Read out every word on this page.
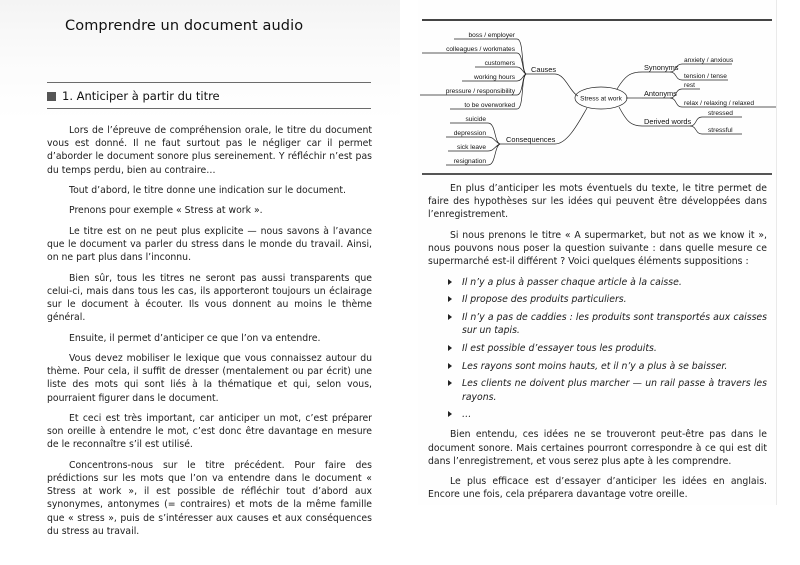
Comprendre un document audio
1. Anticiper à partir du titre

Lors de l’épreuve de compréhension orale, le titre du document vous est donné. Il ne faut surtout pas le négliger car il permet d’aborder le document sonore plus sereinement. Y réfléchir n’est pas du temps perdu, bien au contraire…

Tout d’abord, le titre donne une indication sur le document.

Prenons pour exemple « Stress at work ».

Le titre est on ne peut plus explicite — nous savons à l’avance que le document va parler du stress dans le monde du travail. Ainsi, on ne part plus dans l’inconnu.

Bien sûr, tous les titres ne seront pas aussi transparents que celui-ci, mais dans tous les cas, ils apporteront toujours un éclairage sur le document à écouter. Ils vous donnent au moins le thème général.

Ensuite, il permet d’anticiper ce que l’on va entendre.

Vous devez mobiliser le lexique que vous connaissez autour du thème. Pour cela, il suffit de dresser (mentalement ou par écrit) une liste des mots qui sont liés à la thématique et qui, selon vous, pourraient figurer dans le document.

Et ceci est très important, car anticiper un mot, c’est préparer son oreille à entendre le mot, c’est donc être davantage en mesure de le reconnaître s’il est utilisé.

Concentrons-nous sur le titre précédent. Pour faire des prédictions sur les mots que l’on va entendre dans le document « Stress at work », il est possible de réfléchir tout d’abord aux synonymes, antonymes (= contraires) et mots de la même famille que « stress », puis de s’intéresser aux causes et aux conséquences du stress au travail.

boss / employer
colleagues / workmates
customers
working hours
pressure / responsibility
to be overworked
Causes
suicide
depression
sick leave
resignation
Consequences
Stress at work
Synonyms
anxiety / anxious
tension / tense
Antonyms
rest
relax / relaxing / relaxed
Derived words
stressed
stressful

En plus d’anticiper les mots éventuels du texte, le titre permet de faire des hypothèses sur les idées qui peuvent être développées dans l’enregistrement.

Si nous prenons le titre « A supermarket, but not as we know it », nous pouvons nous poser la question suivante : dans quelle mesure ce supermarché est-il différent ? Voici quelques éléments suppositions :

Il n’y a plus à passer chaque article à la caisse.
Il propose des produits particuliers.
Il n’y a pas de caddies : les produits sont transportés aux caisses sur un tapis.
Il est possible d’essayer tous les produits.
Les rayons sont moins hauts, et il n’y a plus à se baisser.
Les clients ne doivent plus marcher — un rail passe à travers les rayons.
…

Bien entendu, ces idées ne se trouveront peut-être pas dans le document sonore. Mais certaines pourront correspondre à ce qui est dit dans l’enregistrement, et vous serez plus apte à les comprendre.

Le plus efficace est d’essayer d’anticiper les idées en anglais. Encore une fois, cela préparera davantage votre oreille.
